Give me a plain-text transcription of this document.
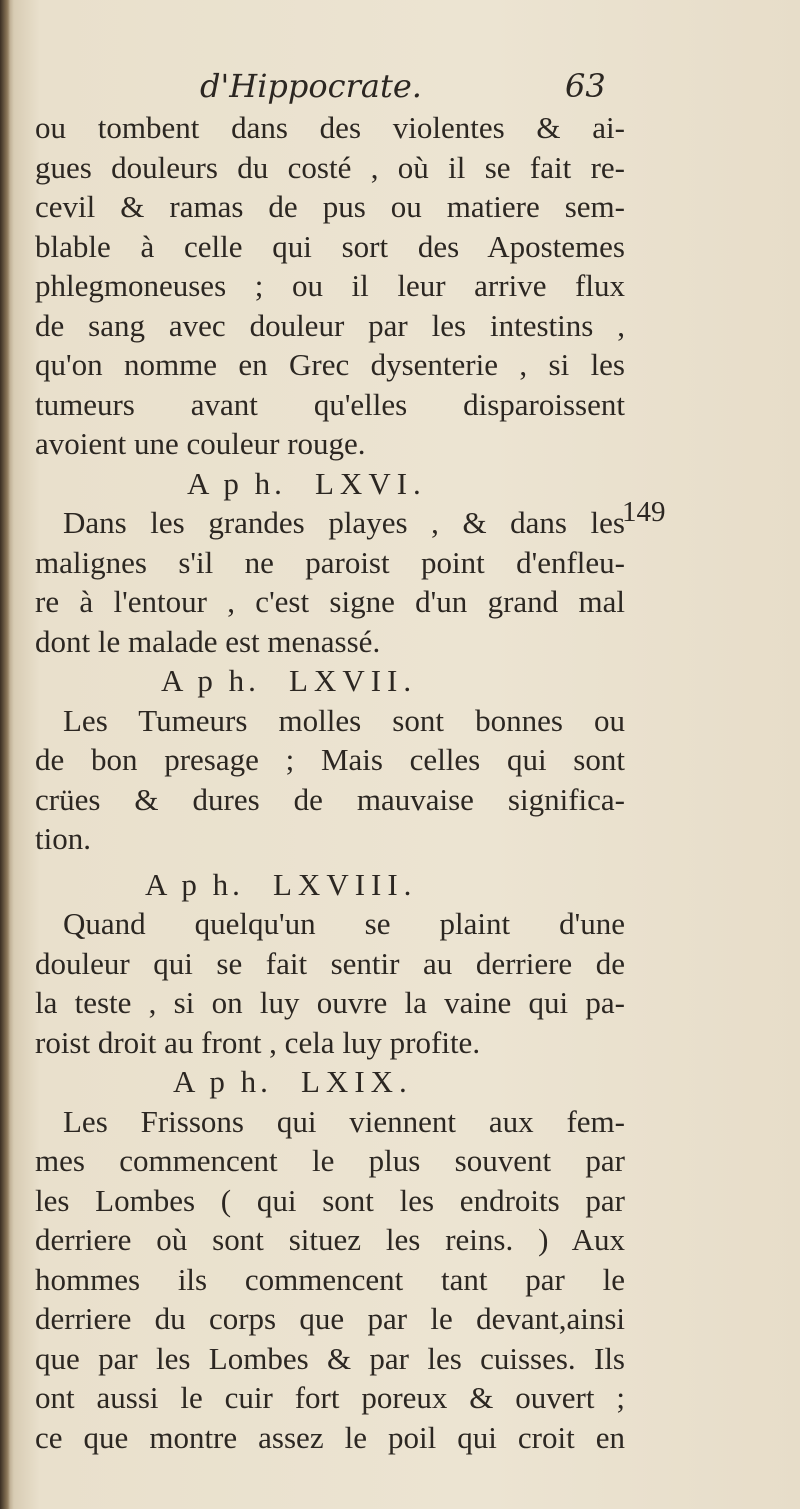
d'Hippocrate.	63
149
ou tombent dans des violentes & ai-
gues douleurs du costé , où il se fait re-
cevil & ramas de pus ou matiere sem-
blable à celle qui sort des Apostemes
phlegmoneuses ; ou il leur arrive flux
de sang avec douleur par les intestins ,
qu'on nomme en Grec dysenterie , si les
tumeurs avant qu'elles disparoissent
avoient une couleur rouge.
A p h. LXVI.
Dans les grandes playes , & dans les
malignes s'il ne paroist point d'enfleu-
re à l'entour , c'est signe d'un grand mal
dont le malade est menassé.
A p h. LXVII.
Les Tumeurs molles sont bonnes ou
de bon presage ; Mais celles qui sont
crües & dures de mauvaise significa-
tion.
A p h. LXVIII.
Quand quelqu'un se plaint d'une
douleur qui se fait sentir au derriere de
la teste , si on luy ouvre la vaine qui pa-
roist droit au front , cela luy profite.
A p h. LXIX.
Les Frissons qui viennent aux fem-
mes commencent le plus souvent par
les Lombes ( qui sont les endroits par
derriere où sont situez les reins. ) Aux
hommes ils commencent tant par le
derriere du corps que par le devant,ainsi
que par les Lombes & par les cuisses. Ils
ont aussi le cuir fort poreux & ouvert ;
ce que montre assez le poil qui croit en
